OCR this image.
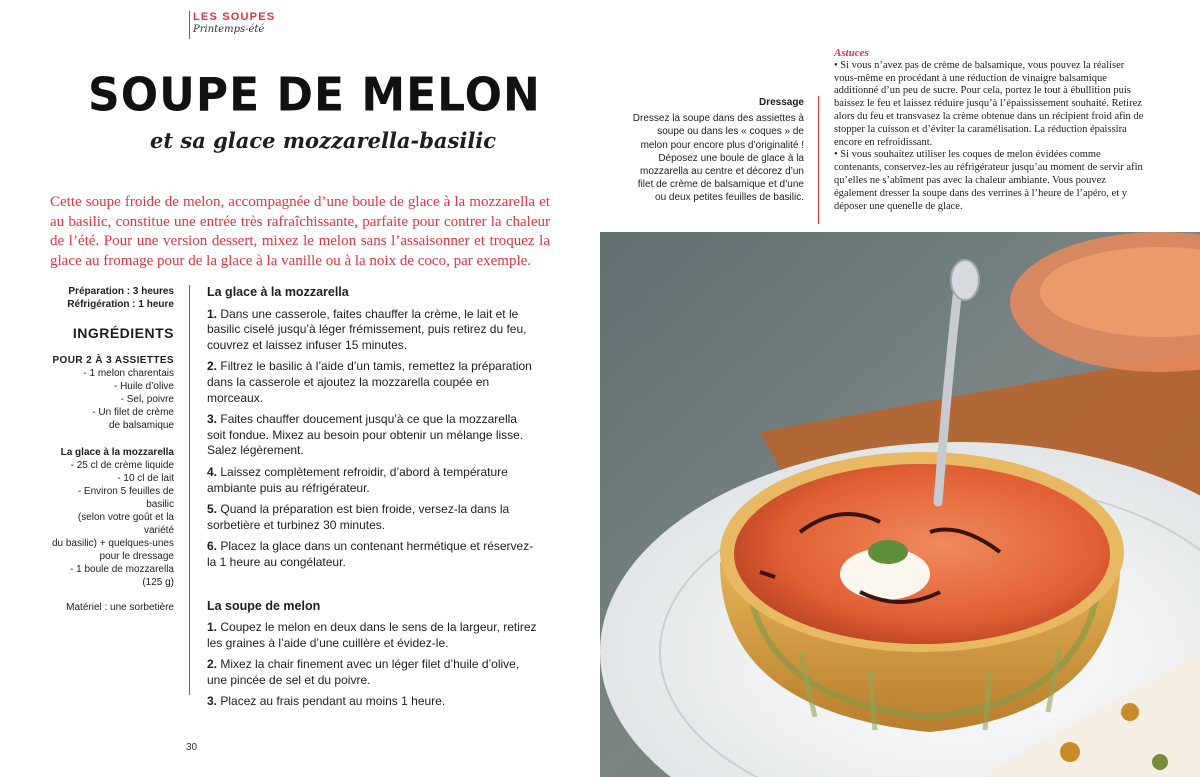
LES SOUPES
Printemps-été
SOUPE DE MELON
et sa glace mozzarella-basilic
Cette soupe froide de melon, accompagnée d’une boule de glace à la mozzarella et au basilic, constitue une entrée très rafraîchissante, parfaite pour contrer la chaleur de l’été. Pour une version dessert, mixez le melon sans l’assaisonner et troquez la glace au fromage pour de la glace à la vanille ou à la noix de coco, par exemple.
Préparation : 3 heures
Réfrigération : 1 heure
INGRÉDIENTS
POUR 2 À 3 ASSIETTES
- 1 melon charentais
- Huile d’olive
- Sel, poivre
- Un filet de crème
de balsamique
La glace à la mozzarella
- 25 cl de crème liquide
- 10 cl de lait
- Environ 5 feuilles de basilic
(selon votre goût et la variété
du basilic) + quelques-unes
pour le dressage
- 1 boule de mozzarella (125 g)
Matériel : une sorbetière
La glace à la mozzarella
1. Dans une casserole, faites chauffer la crème, le lait et le basilic ciselé jusqu’à léger frémissement, puis retirez du feu, couvrez et laissez infuser 15 minutes.
2. Filtrez le basilic à l’aide d’un tamis, remettez la préparation dans la casserole et ajoutez la mozzarella coupée en morceaux.
3. Faites chauffer doucement jusqu’à ce que la mozzarella soit fondue. Mixez au besoin pour obtenir un mélange lisse. Salez légèrement.
4. Laissez complètement refroidir, d’abord à température ambiante puis au réfrigérateur.
5. Quand la préparation est bien froide, versez-la dans la sorbetière et turbinez 30 minutes.
6. Placez la glace dans un contenant hermétique et réservez-la 1 heure au congélateur.
La soupe de melon
1. Coupez le melon en deux dans le sens de la largeur, retirez les graines à l’aide d’une cuillère et évidez-le.
2. Mixez la chair finement avec un léger filet d’huile d’olive, une pincée de sel et du poivre.
3. Placez au frais pendant au moins 1 heure.
30
Dressage
Dressez la soupe dans des assiettes à soupe ou dans les « coques » de melon pour encore plus d’originalité ! Déposez une boule de glace à la mozzarella au centre et décorez d’un filet de crème de balsamique et d’une ou deux petites feuilles de basilic.
Astuces
• Si vous n’avez pas de crème de balsamique, vous pouvez la réaliser vous-même en procédant à une réduction de vinaigre balsamique additionné d’un peu de sucre. Pour cela, portez le tout à ébullition puis baissez le feu et laissez réduire jusqu’à l’épaississement souhaité. Retirez alors du feu et transvasez la crème obtenue dans un récipient froid afin de stopper la cuisson et d’éviter la caramélisation. La réduction épaissira encore en refroidissant.
• Si vous souhaitez utiliser les coques de melon évidées comme contenants, conservez-les au réfrigérateur jusqu’au moment de servir afin qu’elles ne s’abîment pas avec la chaleur ambiante. Vous pouvez également dresser la soupe dans des verrines à l’heure de l’apéro, et y déposer une quenelle de glace.
